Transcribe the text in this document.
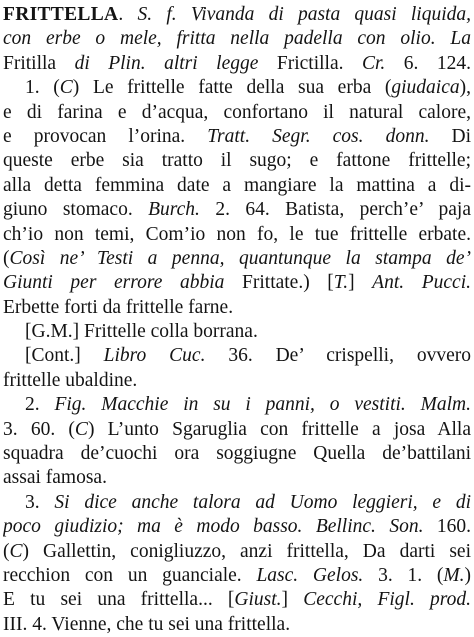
FRITTELLA. S. f. Vivanda di pasta quasi liquida,
con erbe o mele, fritta nella padella con olio. La
Fritilla di Plin. altri legge Frictilla. Cr. 6. 124.
1. (C) Le frittelle fatte della sua erba (giudaica),
e di farina e d’acqua, confortano il natural calore,
e provocan l’orina. Tratt. Segr. cos. donn. Di
queste erbe sia tratto il sugo; e fattone frittelle;
alla detta femmina date a mangiare la mattina a di-
giuno stomaco. Burch. 2. 64. Batista, perch’e’ paja
ch’io non temi, Com’io non fo, le tue frittelle erbate.
(Così ne’ Testi a penna, quantunque la stampa de’
Giunti per errore abbia Frittate.) [T.] Ant. Pucci.
Erbette forti da frittelle farne.
[G.M.] Frittelle colla borrana.
[Cont.] Libro Cuc. 36. De’ crispelli, ovvero
frittelle ubaldine.
2. Fig. Macchie in su i panni, o vestiti. Malm.
3. 60. (C) L’unto Sgaruglia con frittelle a josa Alla
squadra de’cuochi ora soggiugne Quella de’battilani
assai famosa.
3. Si dice anche talora ad Uomo leggieri, e di
poco giudizio; ma è modo basso. Bellinc. Son. 160.
(C) Gallettin, conigliuzzo, anzi frittella, Da darti sei
recchion con un guanciale. Lasc. Gelos. 3. 1. (M.)
E tu sei una frittella... [Giust.] Cecchi, Figl. prod.
III. 4. Vienne, che tu sei una frittella.
